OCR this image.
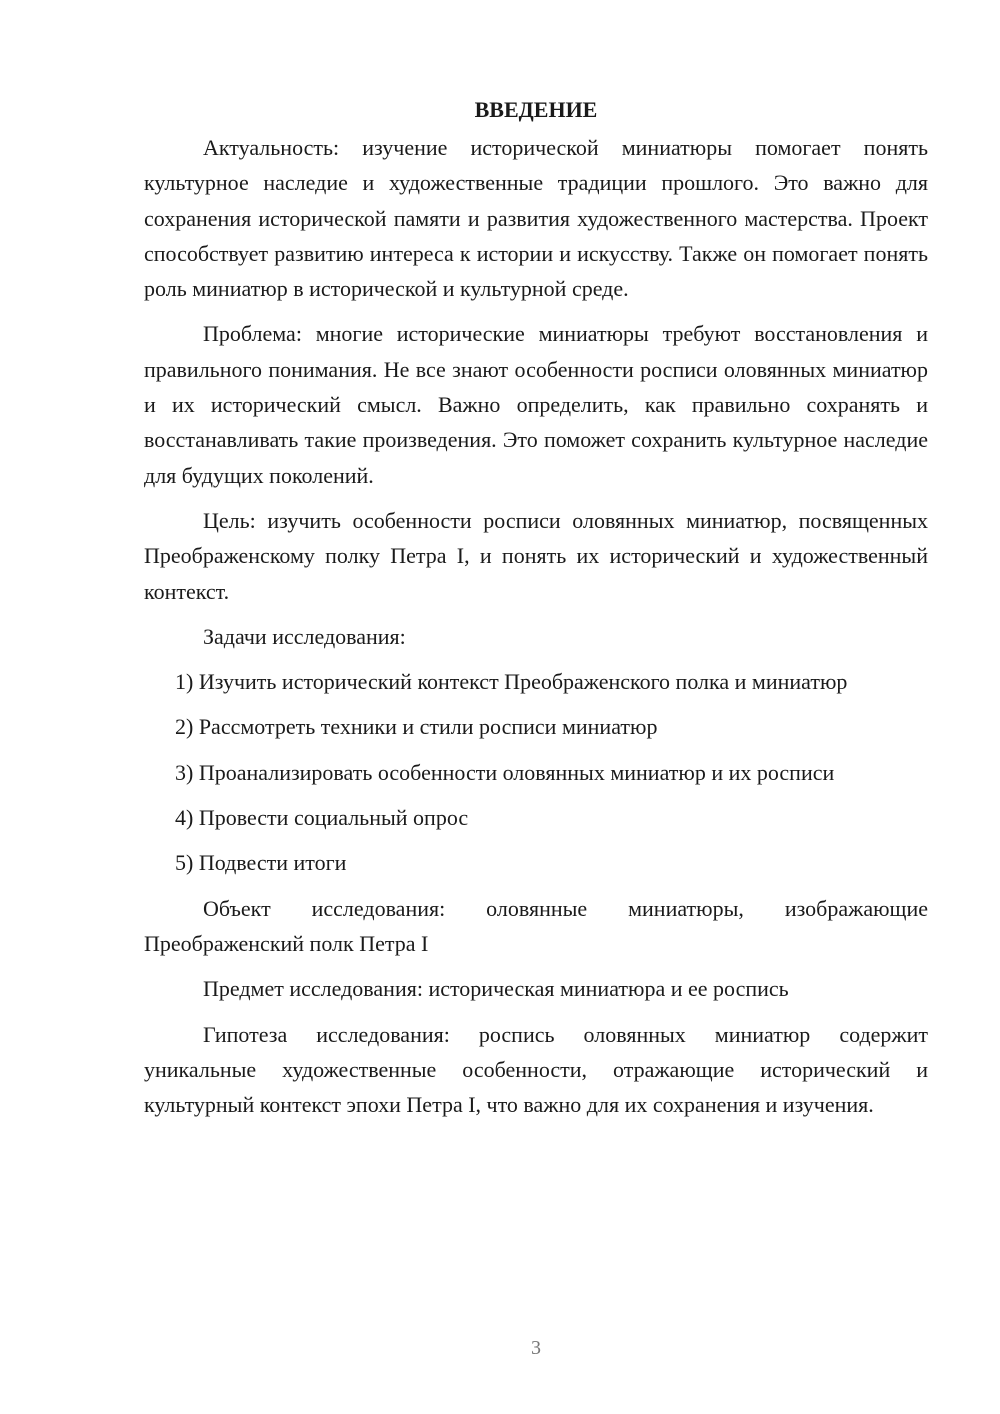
ВВЕДЕНИЕ

Актуальность: изучение исторической миниатюры помогает понять культурное наследие и художественные традиции прошлого. Это важно для сохранения исторической памяти и развития художественного мастерства. Проект способствует развитию интереса к истории и искусству. Также он помогает понять роль миниатюр в исторической и культурной среде.

Проблема: многие исторические миниатюры требуют восстановления и правильного понимания. Не все знают особенности росписи оловянных миниатюр и их исторический смысл. Важно определить, как правильно сохранять и восстанавливать такие произведения. Это поможет сохранить культурное наследие для будущих поколений.

Цель: изучить особенности росписи оловянных миниатюр, посвященных Преображенскому полку Петра I, и понять их исторический и художественный контекст.

Задачи исследования:

1) Изучить исторический контекст Преображенского полка и миниатюр

2) Рассмотреть техники и стили росписи миниатюр

3) Проанализировать особенности оловянных миниатюр и их росписи

4) Провести социальный опрос

5) Подвести итоги

Объект исследования: оловянные миниатюры, изображающие Преображенский полк Петра I

Предмет исследования: историческая миниатюра и ее роспись

Гипотеза исследования: роспись оловянных миниатюр содержит уникальные художественные особенности, отражающие исторический и культурный контекст эпохи Петра I, что важно для их сохранения и изучения.

3
